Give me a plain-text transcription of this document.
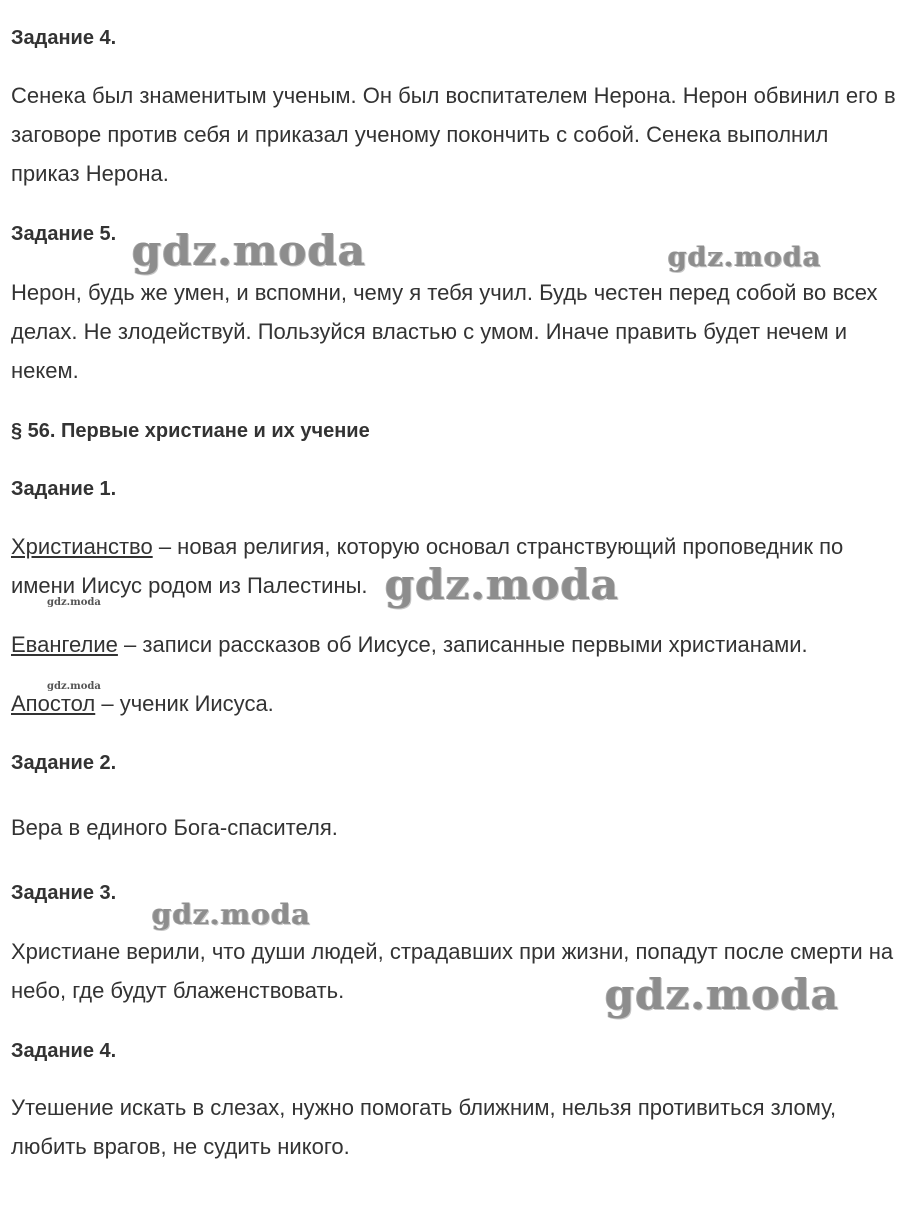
Задание 4.

Сенека был знаменитым ученым. Он был воспитателем Нерона. Нерон обвинил его в заговоре против себя и приказал ученому покончить с собой. Сенека выполнил приказ Нерона.

Задание 5.

Нерон, будь же умен, и вспомни, чему я тебя учил. Будь честен перед собой во всех делах. Не злодействуй. Пользуйся властью с умом. Иначе править будет нечем и некем.

§ 56. Первые христиане и их учение

Задание 1.

Христианство – новая религия, которую основал странствующий проповедник по имени Иисус родом из Палестины.

Евангелие – записи рассказов об Иисусе, записанные первыми христианами.

Апостол – ученик Иисуса.

Задание 2.

Вера в единого Бога-спасителя.

Задание 3.

Христиане верили, что души людей, страдавших при жизни, попадут после смерти на небо, где будут блаженствовать.

Задание 4.

Утешение искать в слезах, нужно помогать ближним, нельзя противиться злому, любить врагов, не судить никого.

gdz.moda	gdz.moda
gdz.moda
gdz.moda
gdz.moda
gdz.moda
gdz.moda
